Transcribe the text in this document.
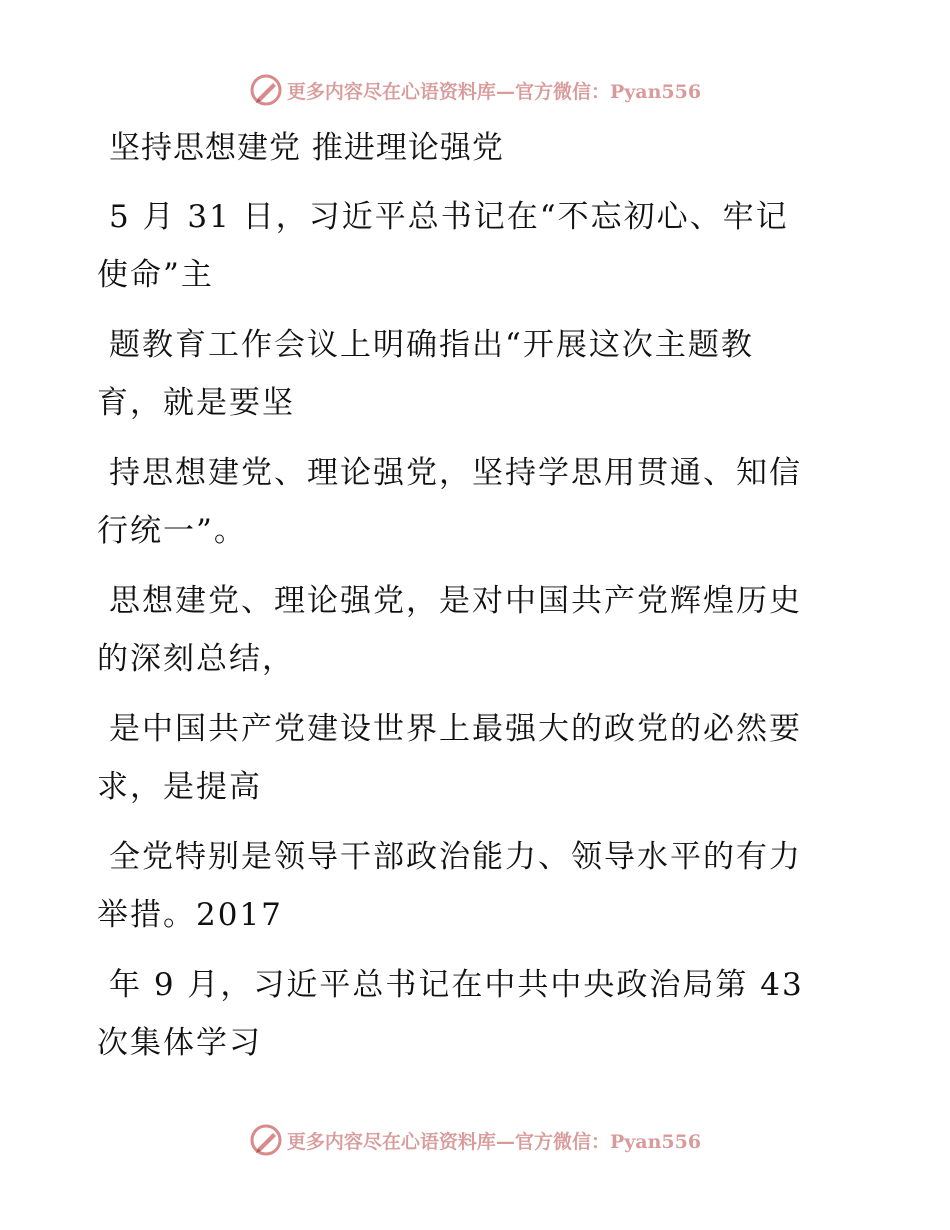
更多内容尽在心语资料库—官方微信：Pyan556
坚持思想建党 推进理论强党
5 月 31 日，习近平总书记在“不忘初心、牢记
使命”主
题教育工作会议上明确指出“开展这次主题教
育，就是要坚
持思想建党、理论强党，坚持学思用贯通、知信
行统一”。
思想建党、理论强党，是对中国共产党辉煌历史
的深刻总结，
是中国共产党建设世界上最强大的政党的必然要
求，是提高
全党特别是领导干部政治能力、领导水平的有力
举措。2017
年 9 月，习近平总书记在中共中央政治局第 43
次集体学习
更多内容尽在心语资料库—官方微信：Pyan556
